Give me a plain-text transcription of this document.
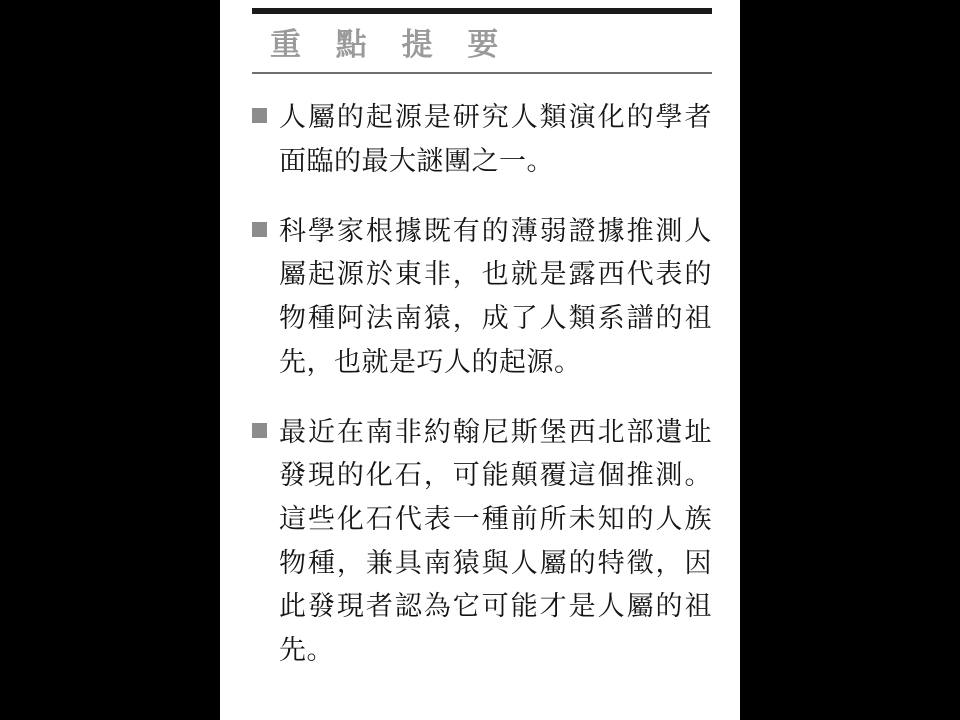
重 點 提 要
人屬的起源是研究人類演化的學者面臨的最大謎團之一。
科學家根據既有的薄弱證據推測人屬起源於東非，也就是露西代表的物種阿法南猿，成了人類系譜的祖先，也就是巧人的起源。
最近在南非約翰尼斯堡西北部遺址發現的化石，可能顛覆這個推測。這些化石代表一種前所未知的人族物種，兼具南猿與人屬的特徵，因此發現者認為它可能才是人屬的祖先。
